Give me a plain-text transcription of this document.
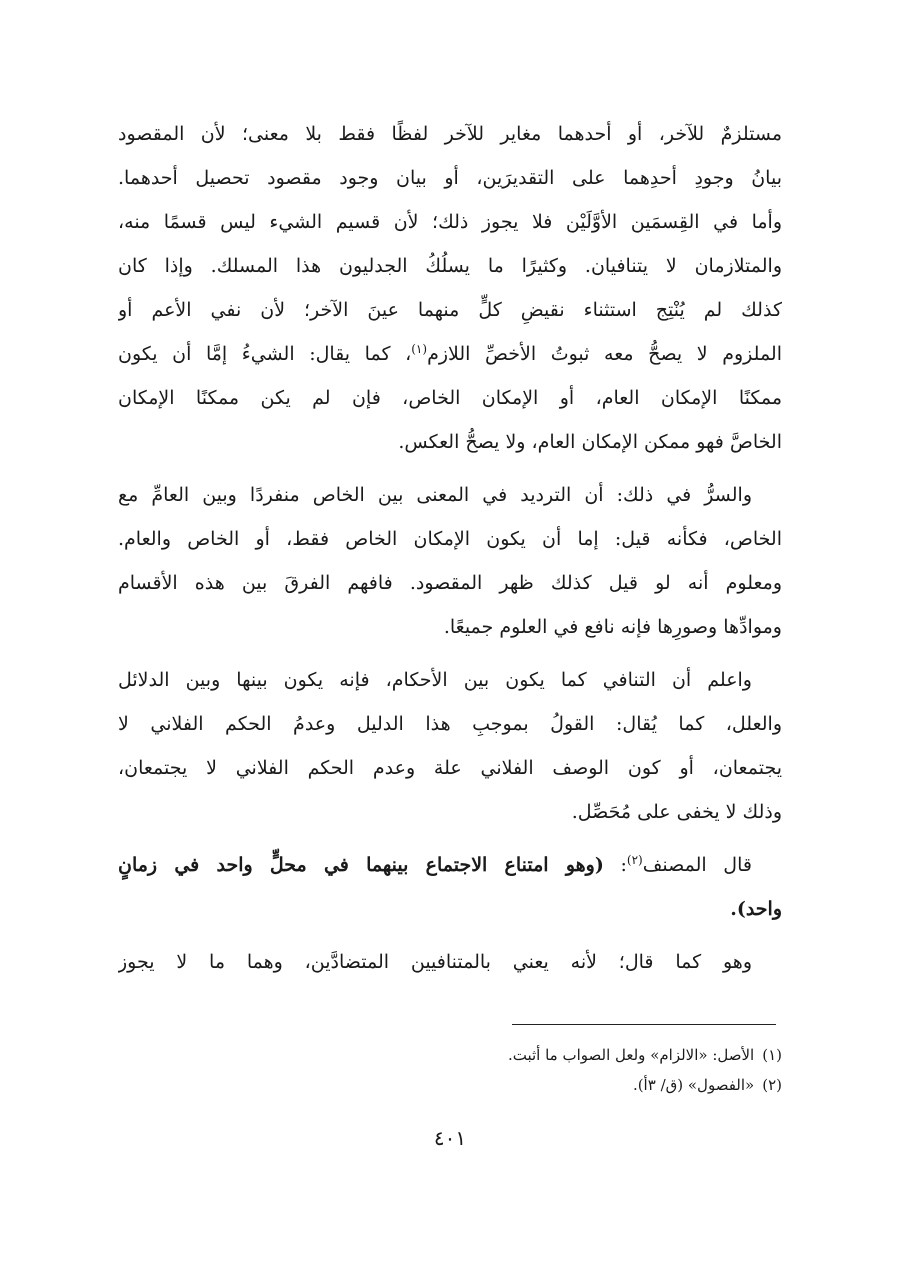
مستلزمٌ للآخر، أو أحدهما مغاير للآخر لفظًا فقط بلا معنى؛ لأن المقصود
بيانُ وجودِ أحدِهما على التقديرَين، أو بيان وجود مقصود تحصيل أحدهما.
وأما في القِسمَين الأوَّلَيْن فلا يجوز ذلك؛ لأن قسيم الشيء ليس قسمًا منه،
والمتلازمان لا يتنافيان. وكثيرًا ما يسلُكُ الجدليون هذا المسلك. وإذا كان
كذلك لم يُنْتِج استثناء نقيضِ كلٍّ منهما عينَ الآخر؛ لأن نفي الأعم أو
الملزوم لا يصحُّ معه ثبوتُ الأخصِّ اللازم$^{(١)}$، كما يقال: الشيءُ إمَّا أن يكون
ممكنًا الإمكان العام، أو الإمكان الخاص، فإن لم يكن ممكنًا الإمكان
الخاصَّ فهو ممكن الإمكان العام، ولا يصحُّ العكس.
والسرُّ في ذلك: أن الترديد في المعنى بين الخاص منفردًا وبين العامِّ مع
الخاص، فكأنه قيل: إما أن يكون الإمكان الخاص فقط، أو الخاص والعام.
ومعلوم أنه لو قيل كذلك ظهر المقصود. فافهم الفرقَ بين هذه الأقسام
وموادِّها وصورِها فإنه نافع في العلوم جميعًا.
واعلم أن التنافي كما يكون بين الأحكام، فإنه يكون بينها وبين الدلائل
والعلل، كما يُقال: القولُ بموجبِ هذا الدليل وعدمُ الحكم الفلاني لا
يجتمعان، أو كون الوصف الفلاني علة وعدم الحكم الفلاني لا يجتمعان،
وذلك لا يخفى على مُحَصِّل.
قال المصنف$^{(٢)}$: (وهو امتناع الاجتماع بينهما في محلٍّ واحد في زمانٍ
واحد).
وهو كما قال؛ لأنه يعني بالمتنافيين المتضادَّين، وهما ما لا يجوز
(١)الأصل: «الالزام» ولعل الصواب ما أثبت.
(٢)«الفصول» (ق/ ٣أ).
٤٠١
